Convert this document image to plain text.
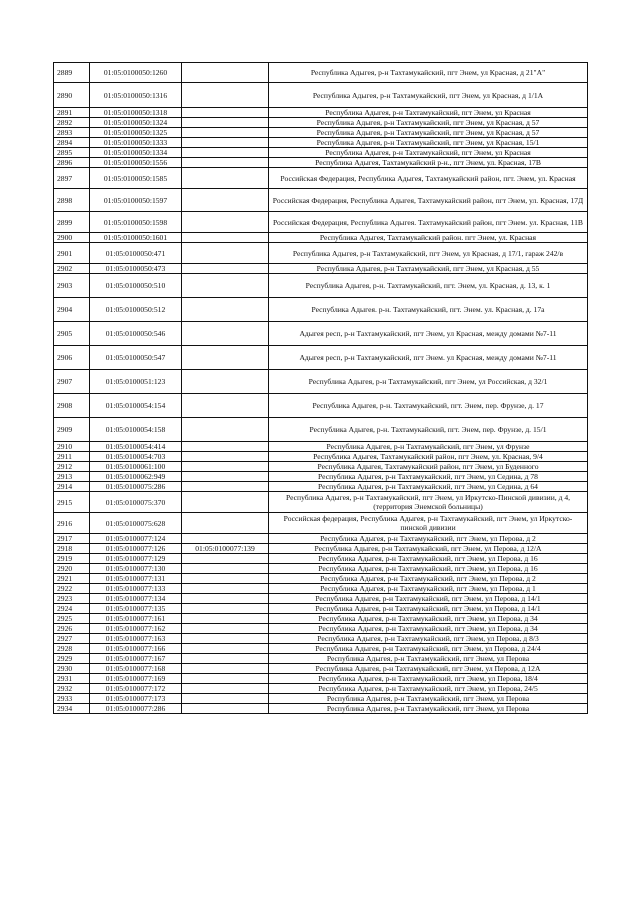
2889	01:05:0100050:1260		Республика Адыгея, р-н Тахтамукайский, пгт Энем, ул Красная, д 21"А"
2890	01:05:0100050:1316		Республика Адыгея, р-н Тахтамукайский, пгт Энем, ул Красная, д 1/1А
2891	01:05:0100050:1318		Республика Адыгея, р-н Тахтамукайский, пгт Энем, ул Красная
2892	01:05:0100050:1324		Республика Адыгея, р-н Тахтамукайский, пгт Энем, ул Красная, д 57
2893	01:05:0100050:1325		Республика Адыгея, р-н Тахтамукайский, пгт Энем, ул Красная, д 57
2894	01:05:0100050:1333		Республика Адыгея, р-н Тахтамукайский, пгт Энем, ул Красная, 15/1
2895	01:05:0100050:1334		Республика Адыгея, р-н Тахтамукайский, пгт Энем, ул Красная
2896	01:05:0100050:1556		Республика Адыгея, Тахтамукайский р-н., пгт Энем, ул. Красная, 17В
2897	01:05:0100050:1585		Российская Федерация, Республика Адыгея, Тахтамукайский район, пгт. Энем, ул. Красная
2898	01:05:0100050:1597		Российская Федерация, Республика Адыгея, Тахтамукайский район, пгт Энем, ул. Красная, 17Д
2899	01:05:0100050:1598		Российская Федерация, Республика Адыгея. Тахтамукайский район, пгт Энем. ул. Красная, 11В
2900	01:05:0100050:1601		Республика Адыгея, Тахтамукайский район. пгт Энем, ул. Красная
2901	01:05:0100050:471		Республика Адыгея, р-н Тахтамукайский, пгт Энем, ул Красная, д 17/1, гараж 242/в
2902	01:05:0100050:473		Республика Адыгея, р-н Тахтамукайский, пгт Энем, ул Красная, д 55
2903	01:05:0100050:510		Республика Адыгея, р-н. Тахтамукайский, пгт. Энем, ул. Красная, д. 13, к. 1
2904	01:05:0100050:512		Республика Адыгея. р-н. Тахтамукайский, пгт. Энем. ул. Красная, д. 17а
2905	01:05:0100050:546		Адыгея респ, р-н Тахтамукайский, пгт Энем, ул Красная, между домами №7-11
2906	01:05:0100050:547		Адыгея респ, р-н Тахтамукайский, пгт Энем. ул Красная, между домами №7-11
2907	01:05:0100051:123		Республика Адыгея, р-н Тахтамукайский, пгт Энем, ул Российская, д 32/1
2908	01:05:0100054:154		Республика Адыгея, р-н. Тахтамукайский, пгт. Энем, пер. Фрунзе, д. 17
2909	01:05:0100054:158		Республика Адыгея, р-н. Тахтамукайский, пгт. Энем, пер. Фрунзе, д. 15/1
2910	01:05:0100054:414		Республика Адыгея, р-н Тахтамукайский, пгт Энем, ул Фрунзе
2911	01:05:0100054:703		Республика Адыгея, Тахтамукайский район, пгт Энем, ул. Красная, 9/4
2912	01:05:0100061:100		Республика Адыгея, Тахтамукайский район, пгт Энем, ул Буденного
2913	01:05:0100062:949		Республика Адыгея, р-н Тахтамукайский, пгт Энем, ул Седина, д 78
2914	01:05:0100075:286		Республика Адыгея, р-н Тахтамукайский, пгт Энем, ул Седина, д 64
2915	01:05:0100075:370		Республика Адыгея, р-н Тахтамукайский, пгт Энем, ул Иркутско-Пинской дивизии, д 4, (территория Энемской больницы)
2916	01:05:0100075:628		Российская федерация, Республика Адыгея, р-н Тахтамукайский, пгт Энем, ул Иркутско-пинской дивизии
2917	01:05:0100077:124		Республика Адыгея, р-н Тахтамукайский, пгт Энем, ул Перова, д 2
2918	01:05:0100077:126	01:05:0100077:139	Республика Адыгея, р-н Тахтамукайский, пгт Энем, ул Перова, д 12/А
2919	01:05:0100077:129		Республика Адыгея, р-н Тахтамукайский, пгт Энем, ул Перова, д 16
2920	01:05:0100077:130		Республика Адыгея, р-н Тахтамукайский, пгт Энем, ул Перова, д 16
2921	01:05:0100077:131		Республика Адыгея, р-н Тахтамукайский, пгт Энем, ул Перова, д 2
2922	01:05:0100077:133		Республика Адыгея, р-н Тахтамукайский, пгт Энем, ул Перова, д 1
2923	01:05:0100077:134		Республика Адыгея, р-н Тахтамукайский, пгт Энем, ул Перова, д 14/1
2924	01:05:0100077:135		Республика Адыгея, р-н Тахтамукайский, пгт Энем, ул Перова, д 14/1
2925	01:05:0100077:161		Республика Адыгея, р-н Тахтамукайский, пгт Энем, ул Перова, д 34
2926	01:05:0100077:162		Республика Адыгея, р-н Тахтамукайский, пгт Энем, ул Перова, д 34
2927	01:05:0100077:163		Республика Адыгея, р-н Тахтамукайский, пгт Энем, ул Перова, д 8/3
2928	01:05:0100077:166		Республика Адыгея, р-н Тахтамукайский, пгт Энем, ул Перова, д 24/4
2929	01:05:0100077:167		Республика Адыгея, р-н Тахтамукайский, пгт Энем, ул Перова
2930	01:05:0100077:168		Республика Адыгея, р-н Тахтамукайский, пгт Энем, ул Перова, д 12А
2931	01:05:0100077:169		Республика Адыгея, р-н Тахтамукайский, пгт Энем, ул Перова, 18/4
2932	01:05:0100077:172		Республика Адыгея, р-н Тахтамукайский, пгт Энем, ул Перова, 24/5
2933	01:05:0100077:173		Республика Адыгея, р-н Тахтамукайский, пгт Энем, ул Перова
2934	01:05:0100077:286		Республика Адыгея, р-н Тахтамукайский, пгт Энем, ул Перова
